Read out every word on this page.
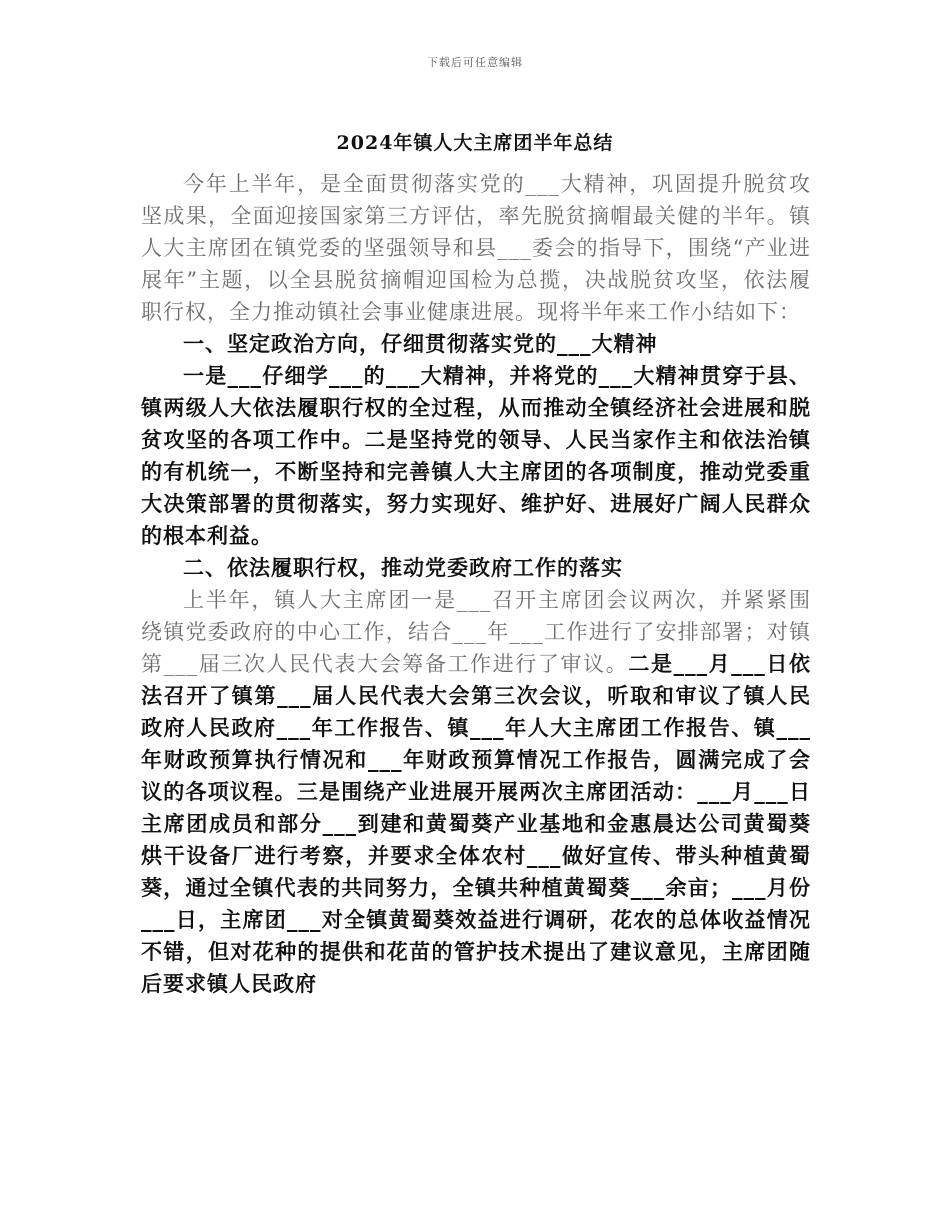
下载后可任意编辑
2024年镇人大主席团半年总结

今年上半年，是全面贯彻落实党的___大精神，巩固提升脱贫攻坚成果，全面迎接国家第三方评估，率先脱贫摘帽最关健的半年。镇人大主席团在镇党委的坚强领导和县___委会的指导下，围绕“产业进展年”主题，以全县脱贫摘帽迎国检为总揽，决战脱贫攻坚，依法履职行权，全力推动镇社会事业健康进展。现将半年来工作小结如下：

一、坚定政治方向，仔细贯彻落实党的___大精神

一是___仔细学___的___大精神，并将党的___大精神贯穿于县、镇两级人大依法履职行权的全过程，从而推动全镇经济社会进展和脱贫攻坚的各项工作中。二是坚持党的领导、人民当家作主和依法治镇的有机统一，不断坚持和完善镇人大主席团的各项制度，推动党委重大决策部署的贯彻落实，努力实现好、维护好、进展好广阔人民群众的根本利益。

二、依法履职行权，推动党委政府工作的落实

上半年，镇人大主席团一是___召开主席团会议两次，并紧紧围绕镇党委政府的中心工作，结合___年___工作进行了安排部署；对镇第___届三次人民代表大会筹备工作进行了审议。二是___月___日依法召开了镇第___届人民代表大会第三次会议，听取和审议了镇人民政府人民政府___年工作报告、镇___年人大主席团工作报告、镇___年财政预算执行情况和___年财政预算情况工作报告，圆满完成了会议的各项议程。三是围绕产业进展开展两次主席团活动：___月___日主席团成员和部分___到建和黄蜀葵产业基地和金惠晨达公司黄蜀葵烘干设备厂进行考察，并要求全体农村___做好宣传、带头种植黄蜀葵，通过全镇代表的共同努力，全镇共种植黄蜀葵___余亩；___月份___日，主席团___对全镇黄蜀葵效益进行调研，花农的总体收益情况不错，但对花种的提供和花苗的管护技术提出了建议意见，主席团随后要求镇人民政府
